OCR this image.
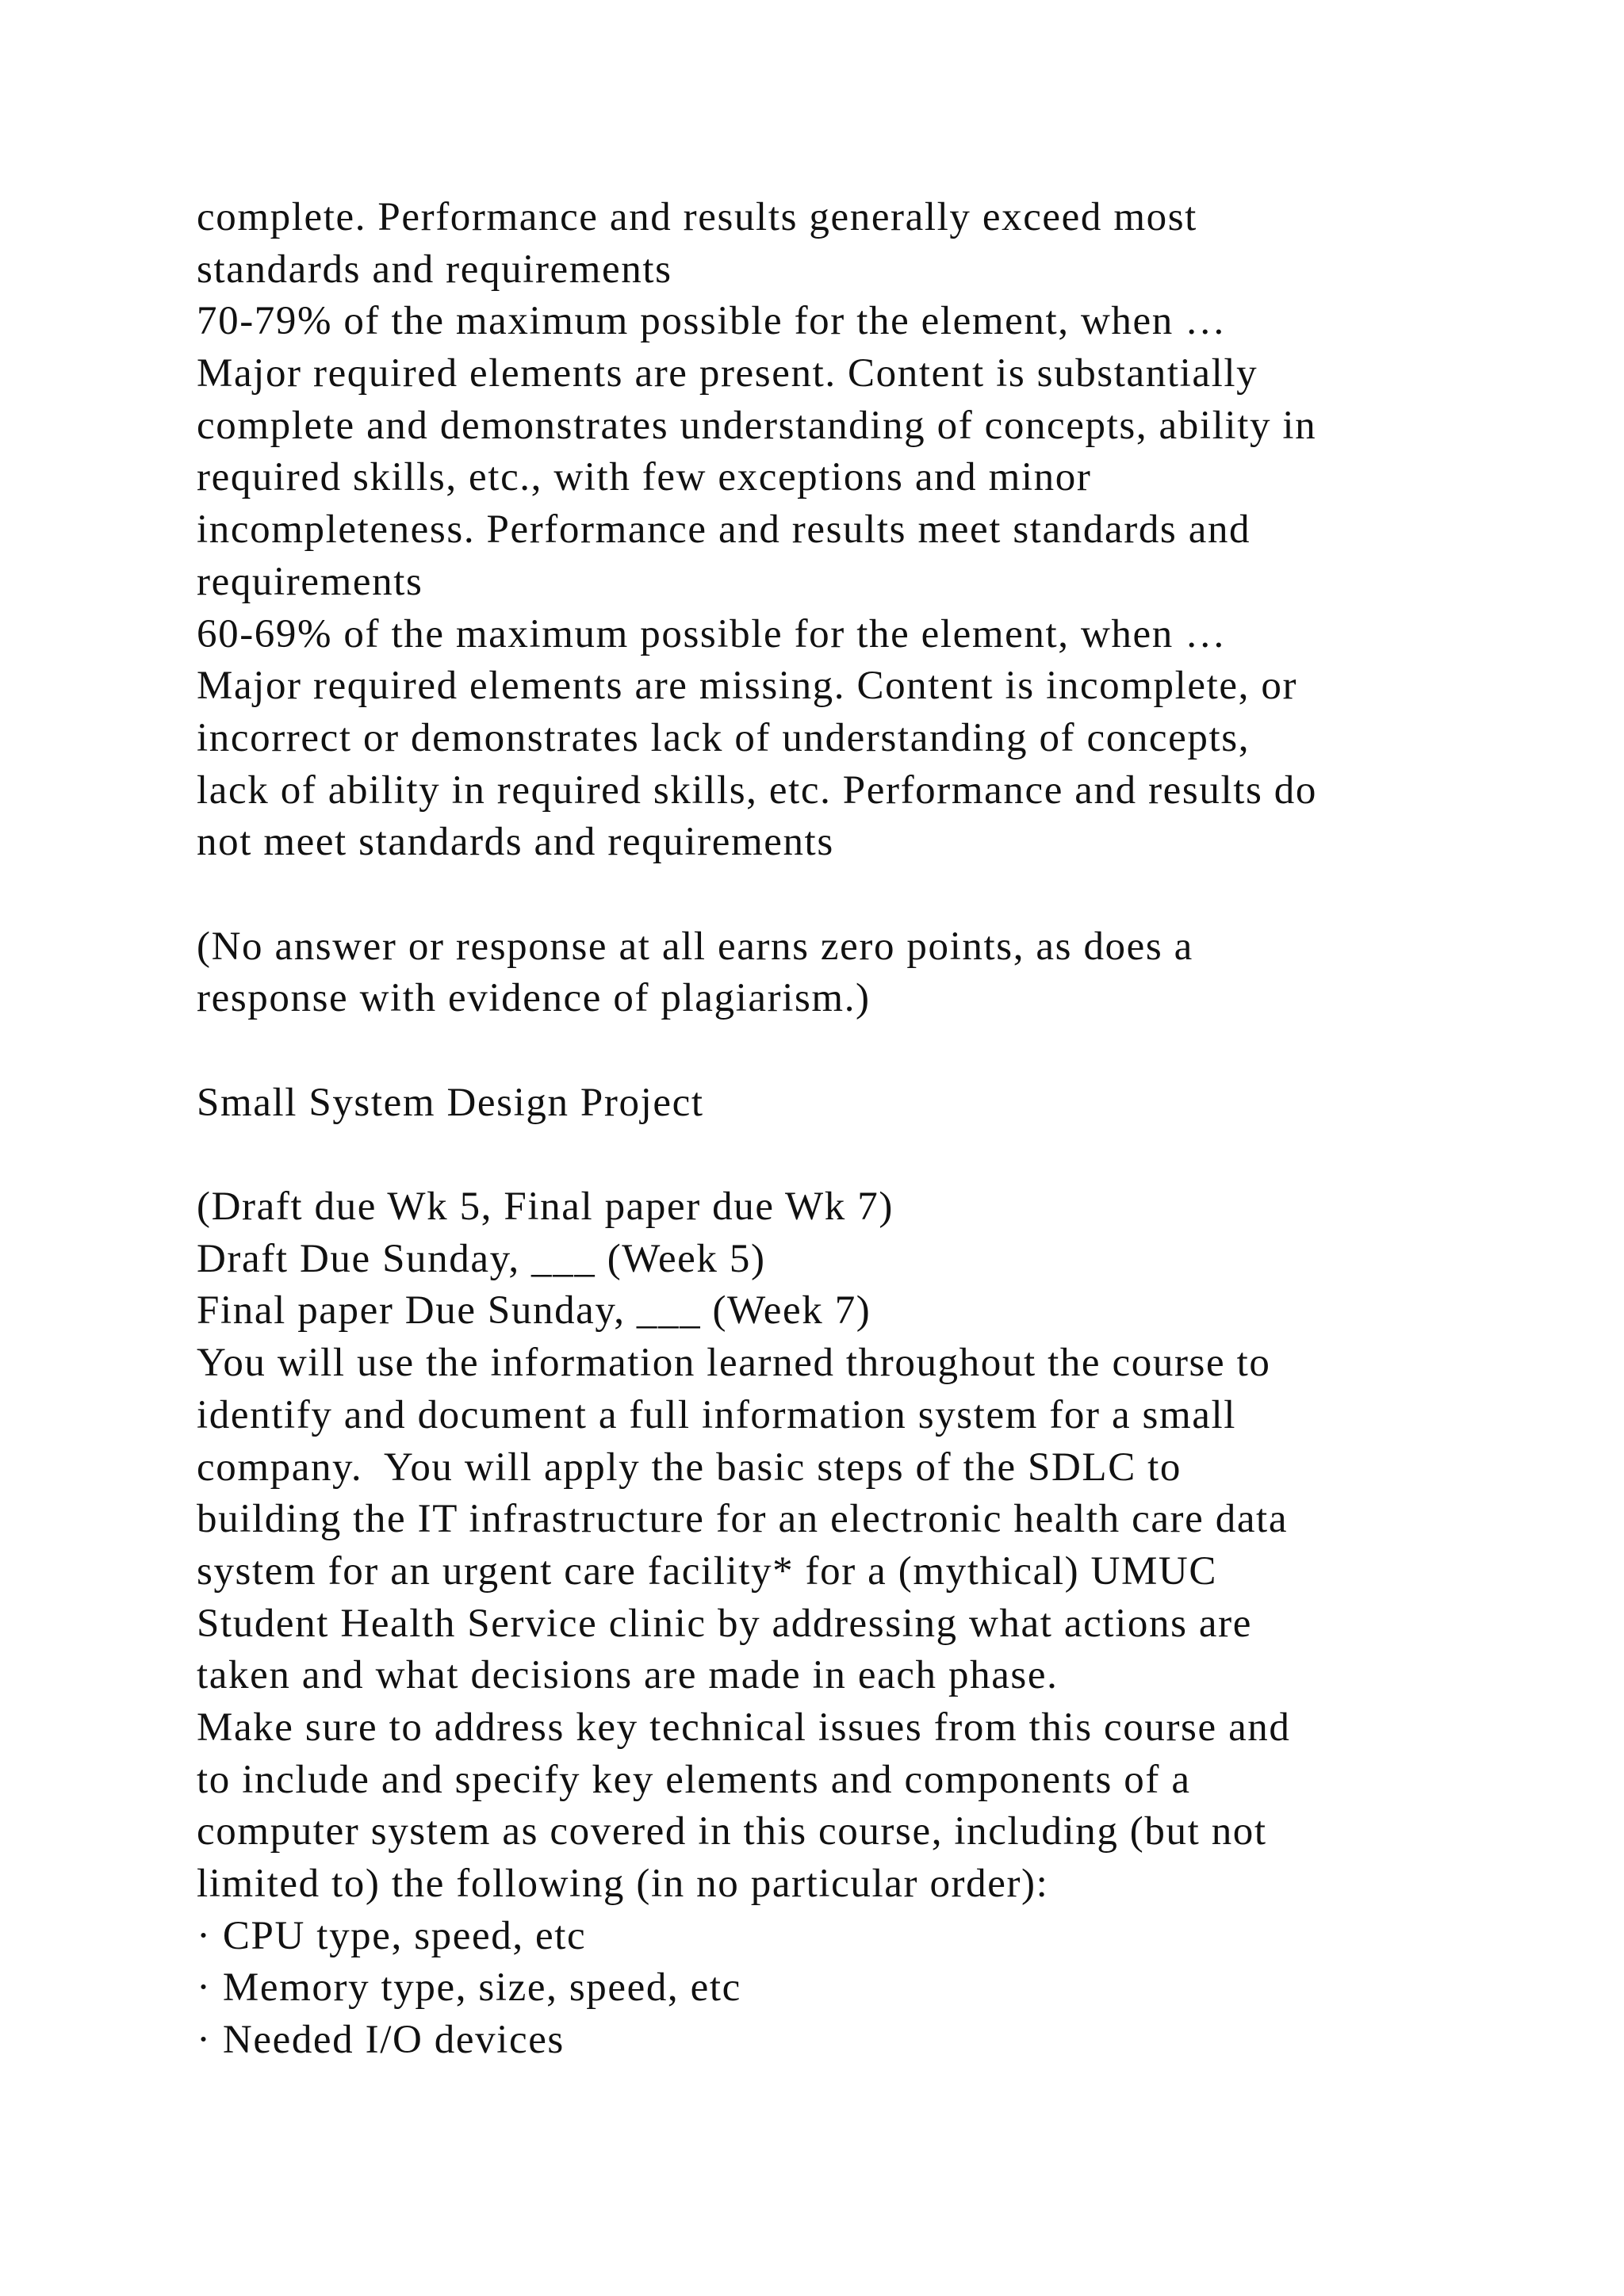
complete. Performance and results generally exceed most
standards and requirements
70-79% of the maximum possible for the element, when …
Major required elements are present. Content is substantially
complete and demonstrates understanding of concepts, ability in
required skills, etc., with few exceptions and minor
incompleteness. Performance and results meet standards and
requirements
60-69% of the maximum possible for the element, when …
Major required elements are missing. Content is incomplete, or
incorrect or demonstrates lack of understanding of concepts,
lack of ability in required skills, etc. Performance and results do
not meet standards and requirements
(No answer or response at all earns zero points, as does a
response with evidence of plagiarism.)
Small System Design Project
(Draft due Wk 5, Final paper due Wk 7)
Draft Due Sunday, ___ (Week 5)
Final paper Due Sunday, ___ (Week 7)
You will use the information learned throughout the course to
identify and document a full information system for a small
company.  You will apply the basic steps of the SDLC to
building the IT infrastructure for an electronic health care data
system for an urgent care facility* for a (mythical) UMUC
Student Health Service clinic by addressing what actions are
taken and what decisions are made in each phase.
Make sure to address key technical issues from this course and
to include and specify key elements and components of a
computer system as covered in this course, including (but not
limited to) the following (in no particular order):
· CPU type, speed, etc
· Memory type, size, speed, etc
· Needed I/O devices
